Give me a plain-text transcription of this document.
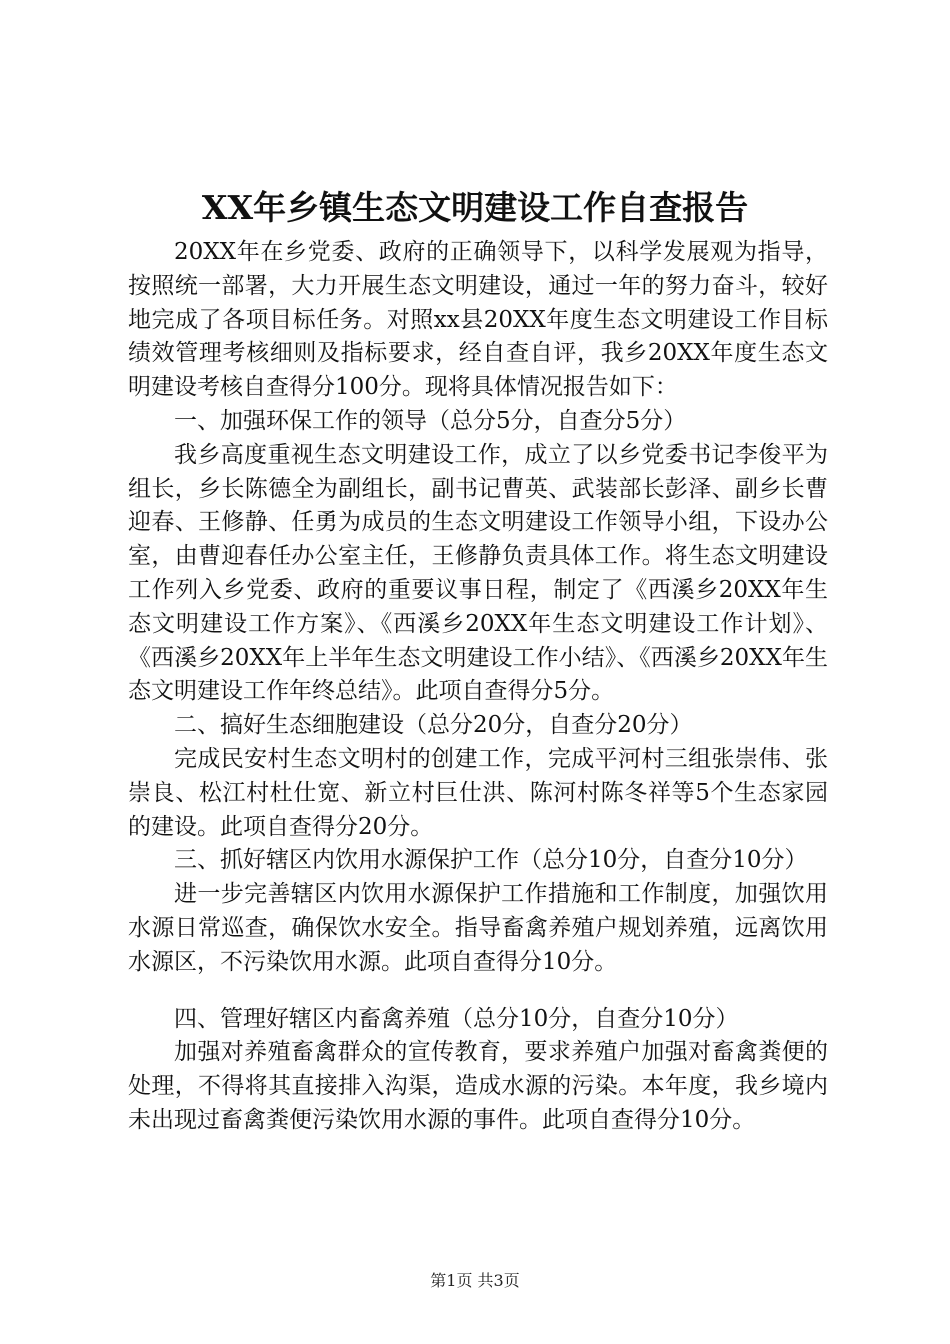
XX年乡镇生态文明建设工作自查报告

20XX年在乡党委、政府的正确领导下，以科学发展观为指导，按照统一部署，大力开展生态文明建设，通过一年的努力奋斗，较好地完成了各项目标任务。对照xx县20XX年度生态文明建设工作目标绩效管理考核细则及指标要求，经自查自评，我乡20XX年度生态文明建设考核自查得分100分。现将具体情况报告如下：

一、加强环保工作的领导（总分5分，自查分5分）

我乡高度重视生态文明建设工作，成立了以乡党委书记李俊平为组长，乡长陈德全为副组长，副书记曹英、武装部长彭泽、副乡长曹迎春、王修静、任勇为成员的生态文明建设工作领导小组，下设办公室，由曹迎春任办公室主任，王修静负责具体工作。将生态文明建设工作列入乡党委、政府的重要议事日程，制定了《西溪乡20XX年生态文明建设工作方案》、《西溪乡20XX年生态文明建设工作计划》、《西溪乡20XX年上半年生态文明建设工作小结》、《西溪乡20XX年生态文明建设工作年终总结》。此项自查得分5分。

二、搞好生态细胞建设（总分20分，自查分20分）

完成民安村生态文明村的创建工作，完成平河村三组张崇伟、张崇良、松江村杜仕宽、新立村巨仕洪、陈河村陈冬祥等5个生态家园的建设。此项自查得分20分。

三、抓好辖区内饮用水源保护工作（总分10分，自查分10分）

进一步完善辖区内饮用水源保护工作措施和工作制度，加强饮用水源日常巡查，确保饮水安全。指导畜禽养殖户规划养殖，远离饮用水源区，不污染饮用水源。此项自查得分10分。

四、管理好辖区内畜禽养殖（总分10分，自查分10分）

加强对养殖畜禽群众的宣传教育，要求养殖户加强对畜禽粪便的处理，不得将其直接排入沟渠，造成水源的污染。本年度，我乡境内未出现过畜禽粪便污染饮用水源的事件。此项自查得分10分。

第1页 共3页
